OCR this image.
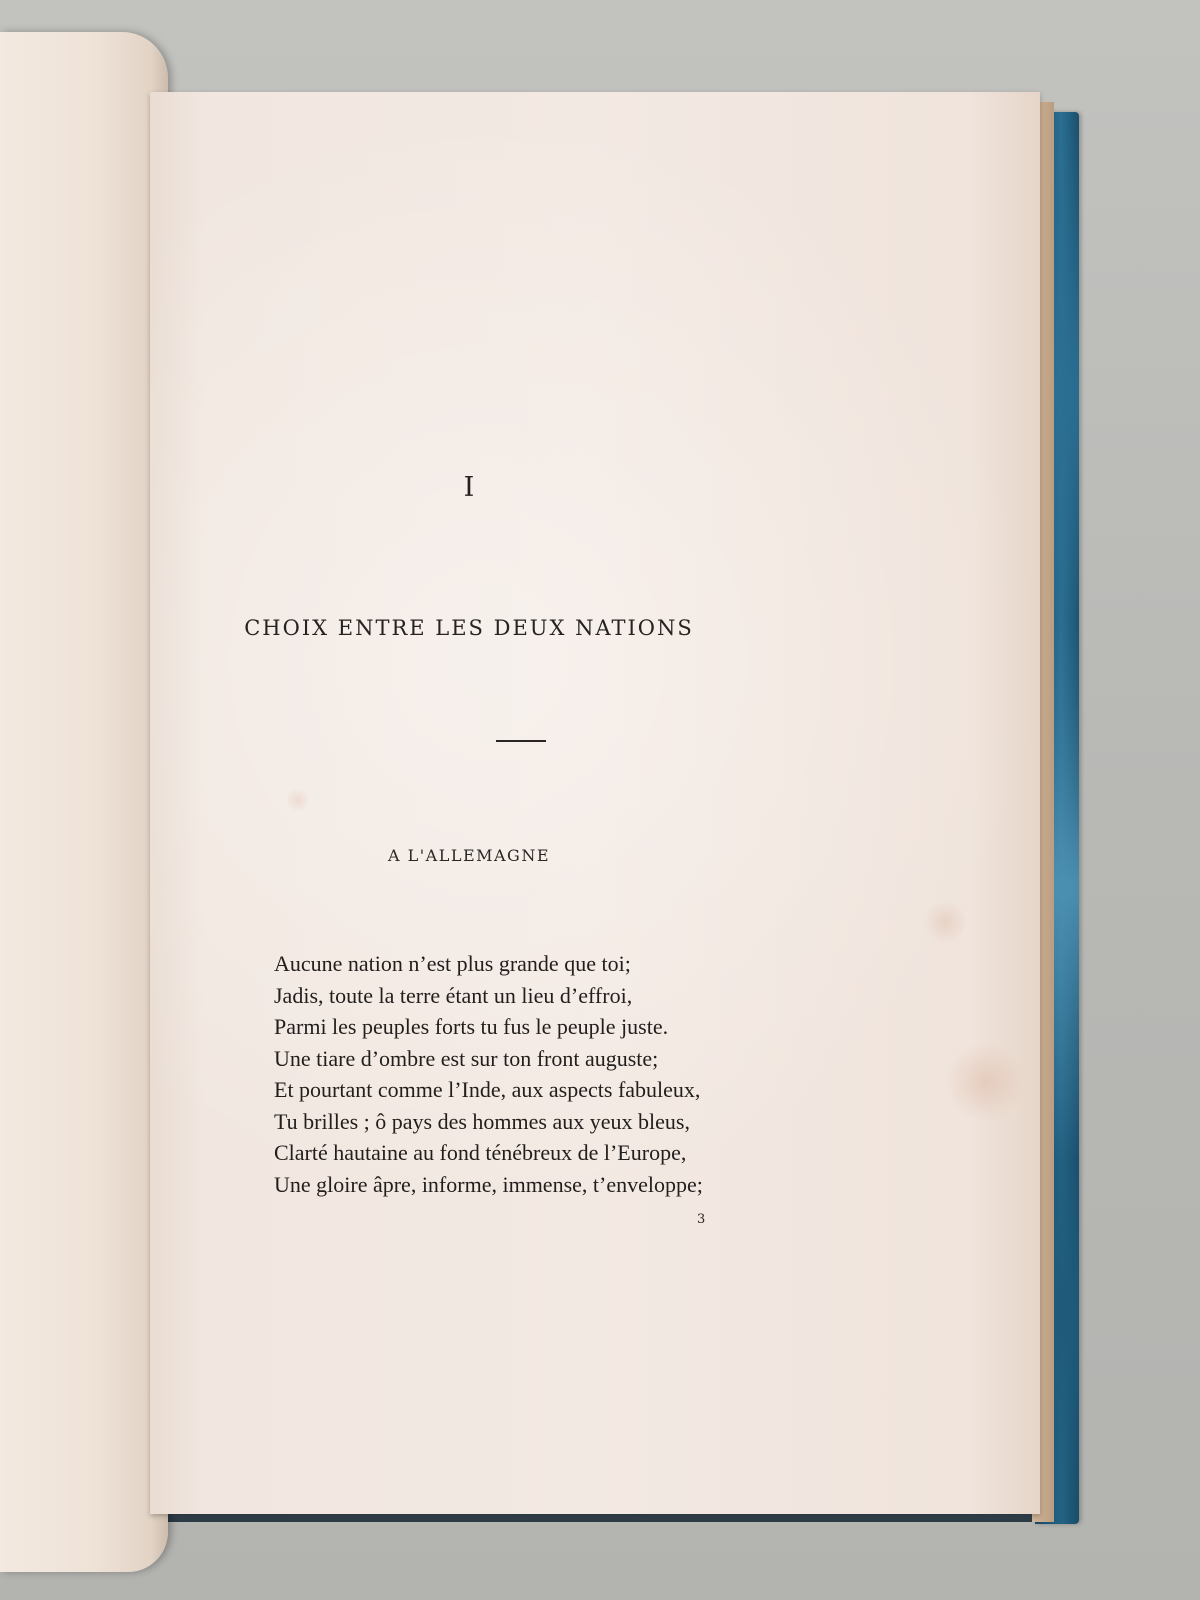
I
CHOIX ENTRE LES DEUX NATIONS
A L'ALLEMAGNE
Aucune nation n’est plus grande que toi;
Jadis, toute la terre étant un lieu d’effroi,
Parmi les peuples forts tu fus le peuple juste.
Une tiare d’ombre est sur ton front auguste;
Et pourtant comme l’Inde, aux aspects fabuleux,
Tu brilles ; ô pays des hommes aux yeux bleus,
Clarté hautaine au fond ténébreux de l’Europe,
Une gloire âpre, informe, immense, t’enveloppe;
3
